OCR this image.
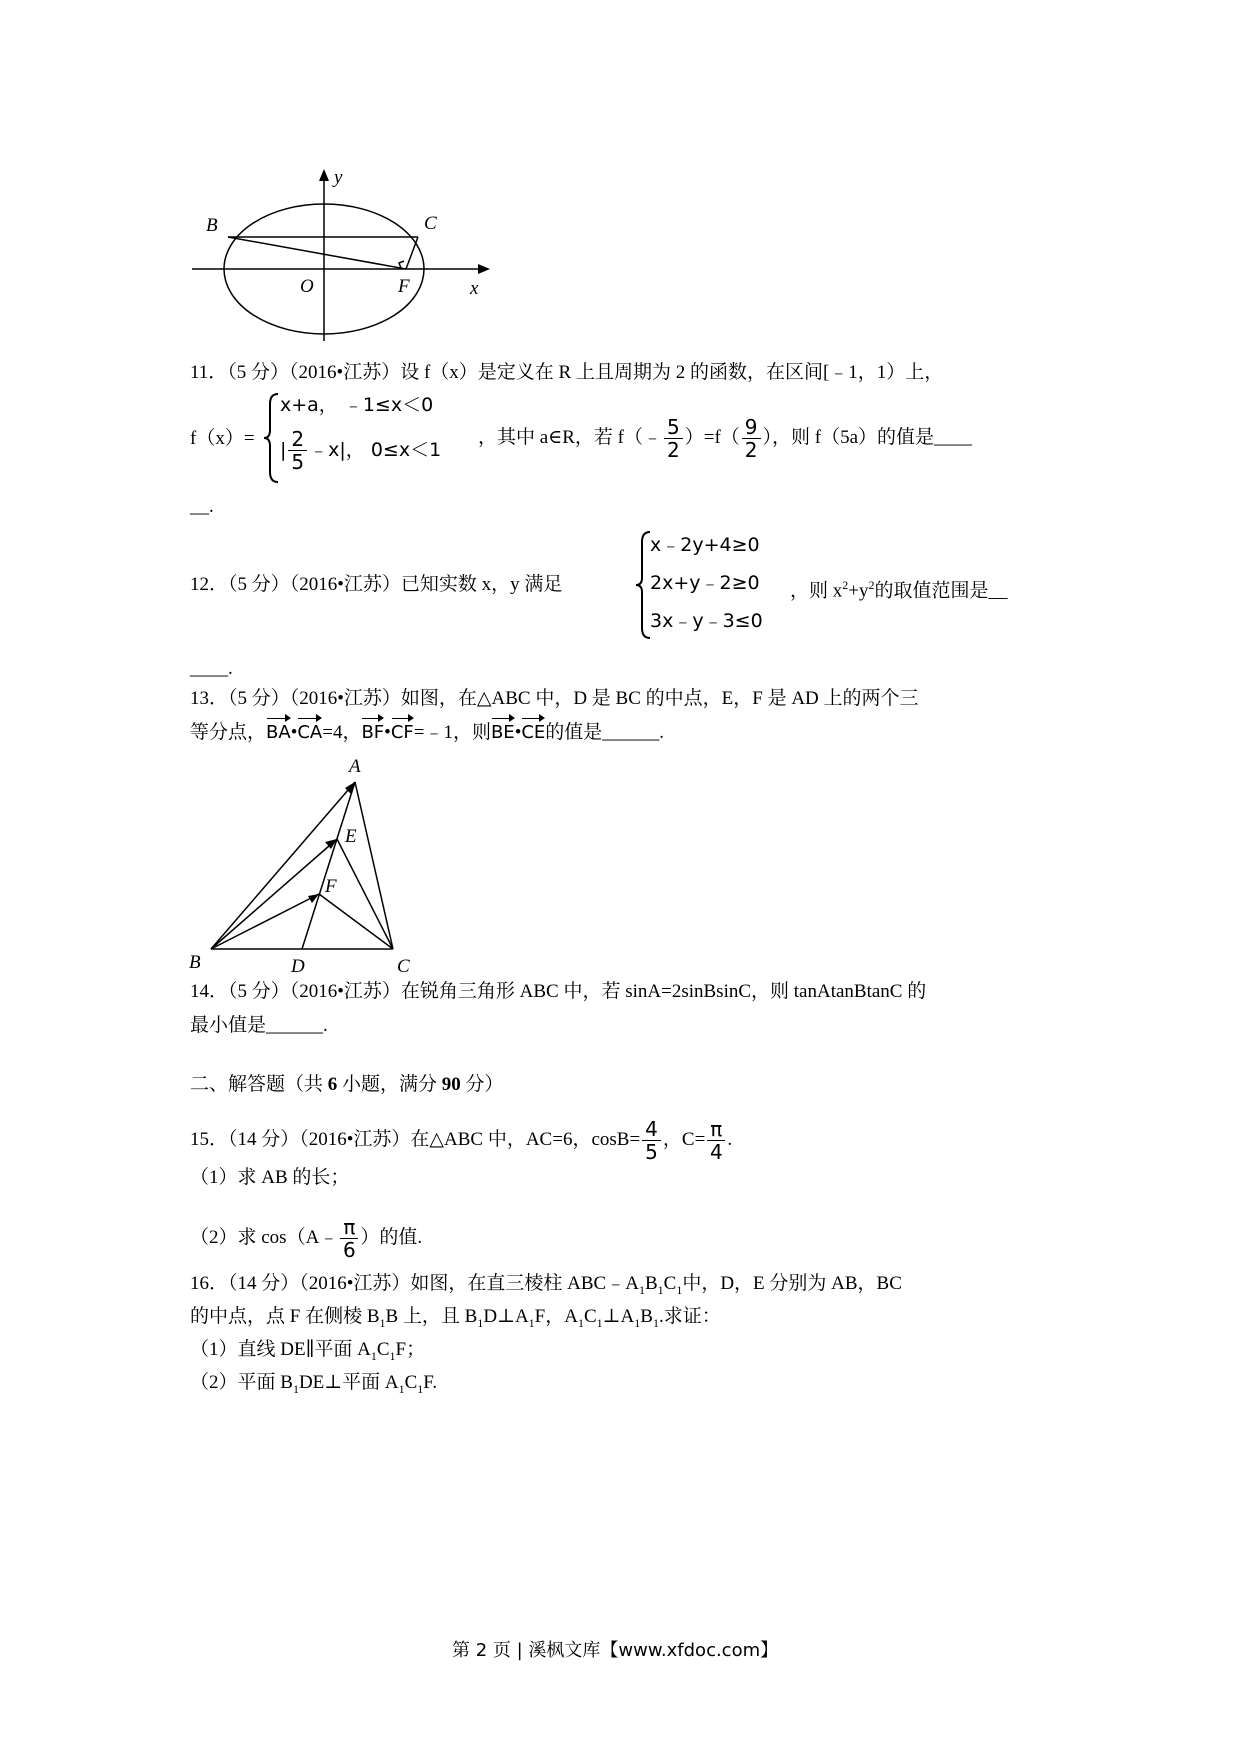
y
x
B	C
O	F
11．（5 分）（2016•江苏）设 f（x）是定义在 R 上且周期为 2 的函数，在区间[﹣1，1）上，
f（x）=
x+a， ﹣1≤x＜0
| $\frac{2}{5}$ ﹣x|， 0≤x＜1
，其中 a∈R，若 f（﹣ $\frac{5}{2} )=f( \frac{9}{2}$ ），则 f（5a）的值是____
__.
12．（5 分）（2016•江苏）已知实数 x，y 满足
x﹣2y+4≥0
2x+y﹣2≥0
3x﹣y﹣3≤0
，则 $x^2+y^2$的取值范围是__
____.
13．（5 分）（2016•江苏）如图，在△ABC 中，D 是 BC 的中点，E，F 是 AD 上的两个三
等分点，BA•CA=4，BF•CF=﹣1，则BE•CE的值是______.
A
E
F
B	D	C
14．（5 分）（2016•江苏）在锐角三角形 ABC 中，若 sinA=2sinBsinC，则 tanAtanBtanC 的
最小值是______.
二、解答题（共 6 小题，满分 90 分）
15．（14 分）（2016•江苏）在△ABC 中，AC=6，$\cos B= \frac{4}{5}$ ，$C= \frac{\pi}{4}$ .
（1）求 AB 的长；
（2）求 cos（A﹣ $\frac{\pi}{6}$ ）的值.
16．（14 分）（2016•江苏）如图，在直三棱柱 $ABC﹣A_1B_1C_1$中，D，E 分别为 AB，BC
的中点，点 F 在侧棱 $B_1B$ 上，且 $B_1D\perp A_1F$，$A_1C_1\perp A_1B_1$.求证：
（1）直线 DE∥平面 $A_1C_1F$；
（2）平面 $B_1DE\perp$平面 $A_1C_1F$.
第 2 页 | 溪枫文库【www.xfdoc.com】
